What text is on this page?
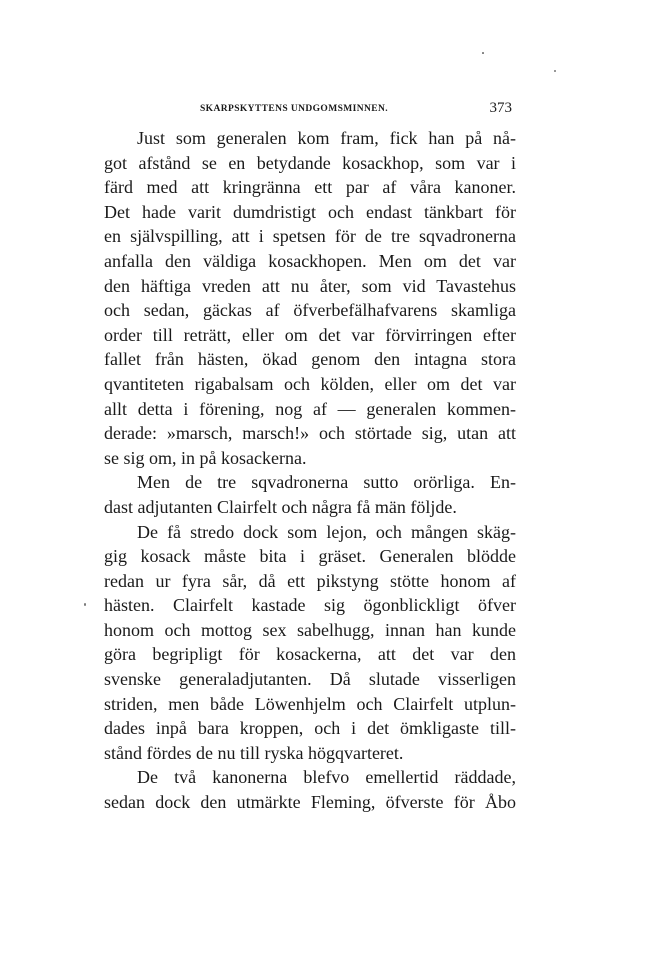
SKARPSKYTTENS UNDGOMSMINNEN.	373
Just som generalen kom fram, fick han på nå-
got afstånd se en betydande kosackhop, som var i
färd med att kringränna ett par af våra kanoner.
Det hade varit dumdristigt och endast tänkbart för
en självspilling, att i spetsen för de tre sqvadronerna
anfalla den väldiga kosackhopen. Men om det var
den häftiga vreden att nu åter, som vid Tavastehus
och sedan, gäckas af öfverbefälhafvarens skamliga
order till reträtt, eller om det var förvirringen efter
fallet från hästen, ökad genom den intagna stora
qvantiteten rigabalsam och kölden, eller om det var
allt detta i förening, nog af — generalen kommen-
derade: »marsch, marsch!» och störtade sig, utan att
se sig om, in på kosackerna.
Men de tre sqvadronerna sutto orörliga. En-
dast adjutanten Clairfelt och några få män följde.
De få stredo dock som lejon, och mången skäg-
gig kosack måste bita i gräset. Generalen blödde
redan ur fyra sår, då ett pikstyng stötte honom af
hästen. Clairfelt kastade sig ögonblickligt öfver
honom och mottog sex sabelhugg, innan han kunde
göra begripligt för kosackerna, att det var den
svenske generaladjutanten. Då slutade visserligen
striden, men både Löwenhjelm och Clairfelt utplun-
dades inpå bara kroppen, och i det ömkligaste till-
stånd fördes de nu till ryska högqvarteret.
De två kanonerna blefvo emellertid räddade,
sedan dock den utmärkte Fleming, öfverste för Åbo
